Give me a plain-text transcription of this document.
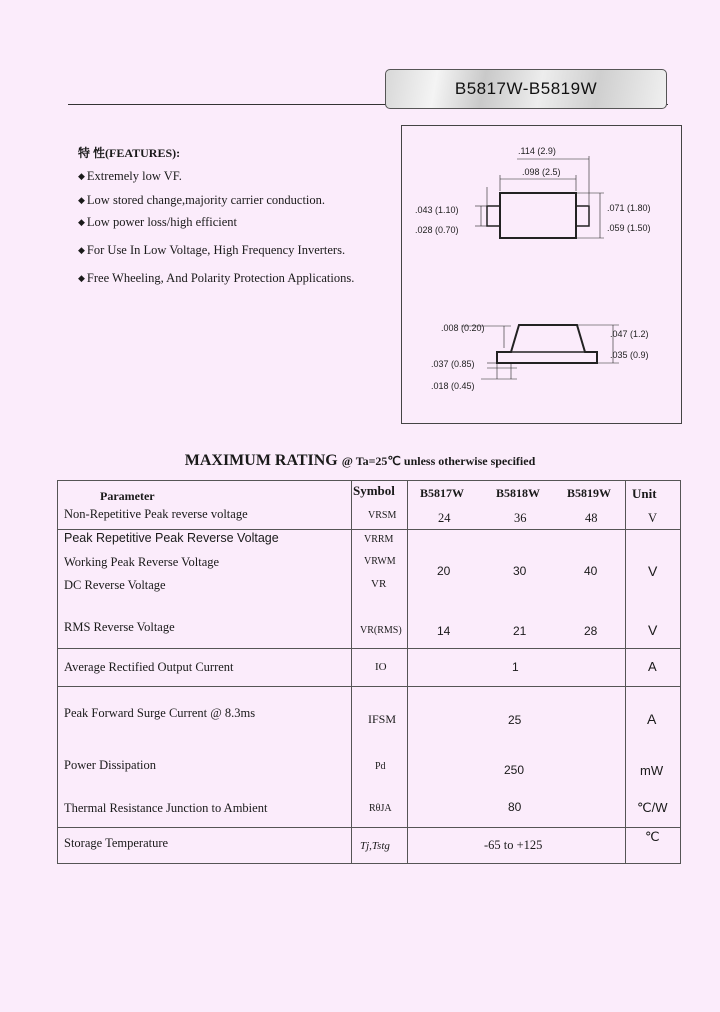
B5817W-B5819W
特 性(FEATURES):
◆ Extremely low VF.
◆ Low stored change,majority carrier conduction.
◆ Low power loss/high efficient
◆ For Use In Low Voltage, High Frequency Inverters.
◆ Free Wheeling, And Polarity Protection Applications.
.114 (2.9)
.098 (2.5)
.043 (1.10)
.028 (0.70)
.071 (1.80)
.059 (1.50)
.008 (0.20)
.047 (1.2)
.035 (0.9)
.037 (0.85)
.018 (0.45)
MAXIMUM RATING @ Ta=25℃ unless otherwise specified
Parameter	Symbol B5817W	B5818W B5819W Unit
Non-Repetitive Peak reverse voltage	VRSM	24	36	48	V
Peak Repetitive Peak Reverse Voltage	VRRM
Working Peak Reverse Voltage	VRWM
DC Reverse Voltage	VR
20	30	40	V
RMS Reverse Voltage	VR(RMS)	14	21	28	V
Average Rectified Output Current	IO	1	A
Peak Forward Surge Current @ 8.3ms	IFSM	25	A
Power Dissipation	Pd	250	mW
Thermal Resistance Junction to Ambient	RθJA	80	℃/W
Storage Temperature	Tj,Tstg	-65 to +125
℃
